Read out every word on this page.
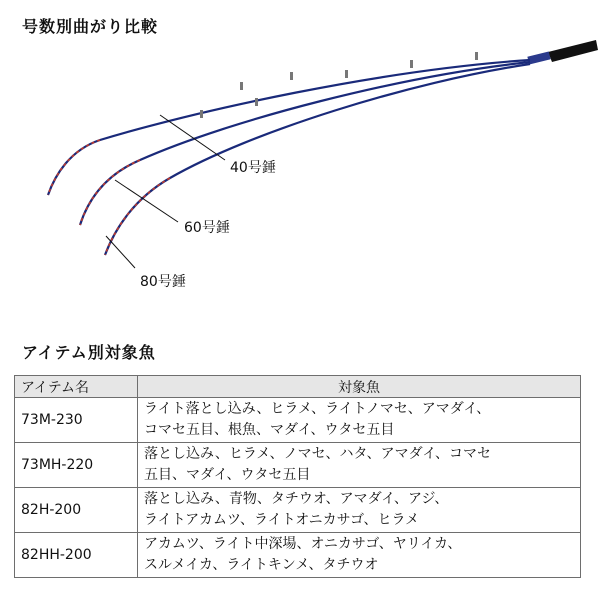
号数別曲がり比較
40号錘
60号錘
80号錘
アイテム別対象魚
アイテム名	対象魚
73M-230	ライト落とし込み、ヒラメ、ライトノマセ、アマダイ、
コマセ五目、根魚、マダイ、ウタセ五目

73MH-220	落とし込み、ヒラメ、ノマセ、ハタ、アマダイ、コマセ
五目、マダイ、ウタセ五目

82H-200	落とし込み、青物、タチウオ、アマダイ、アジ、
ライトアカムツ、ライトオニカサゴ、ヒラメ

82HH-200	アカムツ、ライト中深場、オニカサゴ、ヤリイカ、
スルメイカ、ライトキンメ、タチウオ
